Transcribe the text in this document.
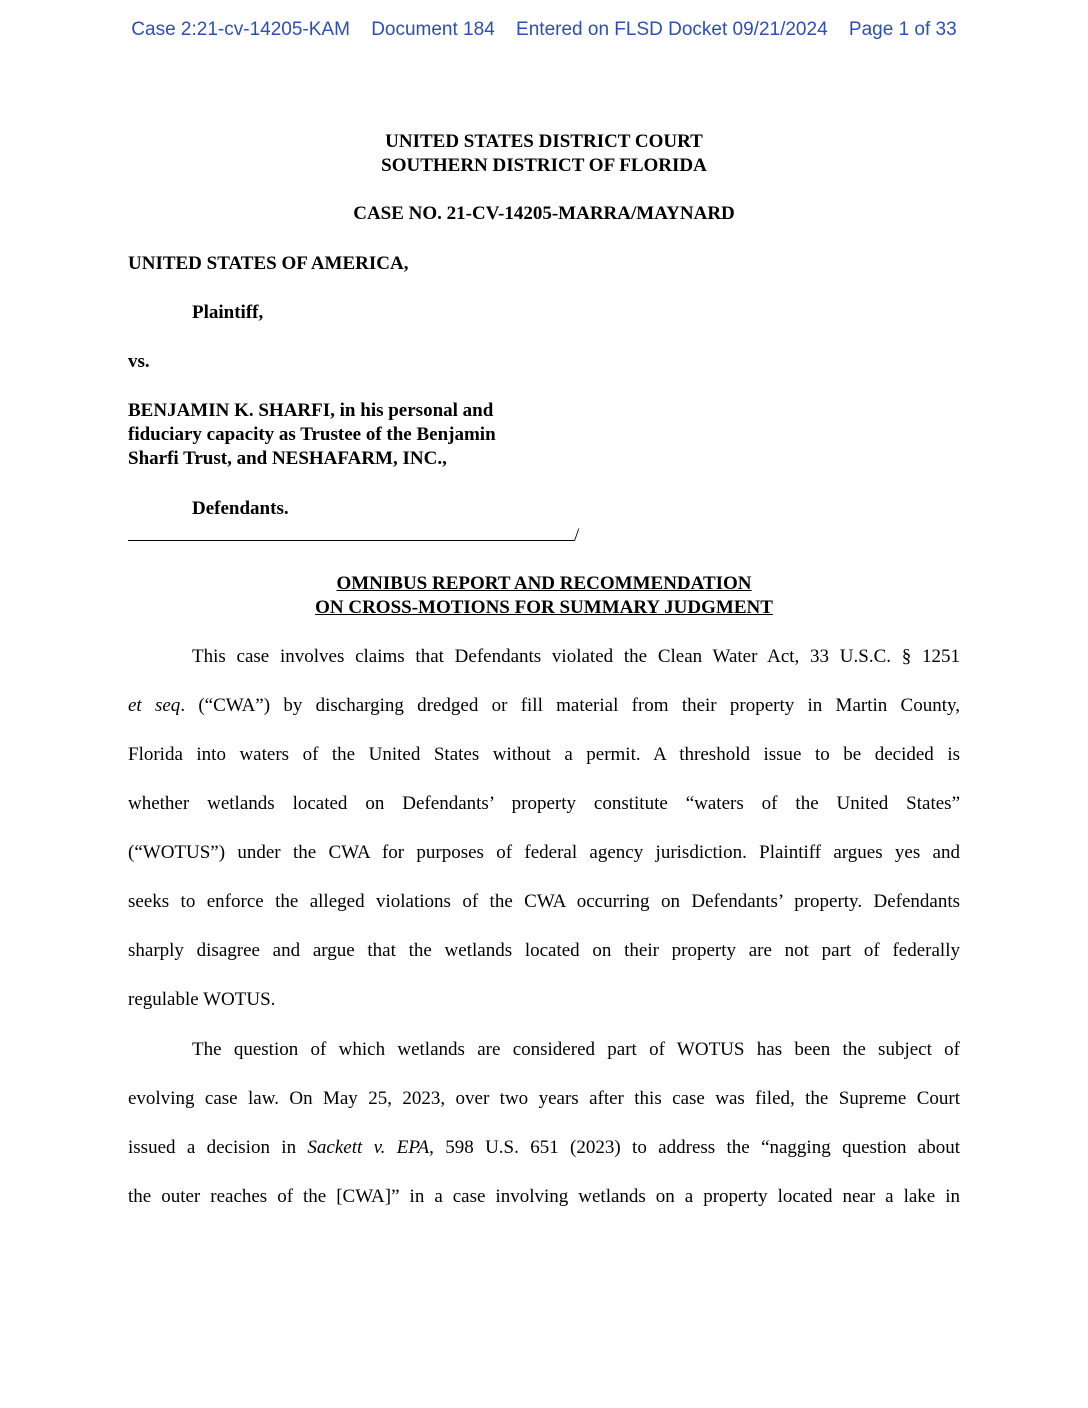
Case 2:21-cv-14205-KAM Document 184 Entered on FLSD Docket 09/21/2024 Page 1 of 33
UNITED STATES DISTRICT COURT
SOUTHERN DISTRICT OF FLORIDA
CASE NO. 21-CV-14205-MARRA/MAYNARD
UNITED STATES OF AMERICA,
Plaintiff,
vs.
BENJAMIN K. SHARFI, in his personal and
fiduciary capacity as Trustee of the Benjamin
Sharfi Trust, and NESHAFARM, INC.,
Defendants.
/
OMNIBUS REPORT AND RECOMMENDATION
ON CROSS-MOTIONS FOR SUMMARY JUDGMENT
This case involves claims that Defendants violated the Clean Water Act, 33 U.S.C. § 1251
et seq. (“CWA”) by discharging dredged or fill material from their property in Martin County,
Florida into waters of the United States without a permit. A threshold issue to be decided is
whether wetlands located on Defendants’ property constitute “waters of the United States”
(“WOTUS”) under the CWA for purposes of federal agency jurisdiction. Plaintiff argues yes and
seeks to enforce the alleged violations of the CWA occurring on Defendants’ property. Defendants
sharply disagree and argue that the wetlands located on their property are not part of federally
regulable WOTUS.
The question of which wetlands are considered part of WOTUS has been the subject of
evolving case law. On May 25, 2023, over two years after this case was filed, the Supreme Court
issued a decision in Sackett v. EPA, 598 U.S. 651 (2023) to address the “nagging question about
the outer reaches of the [CWA]” in a case involving wetlands on a property located near a lake in
